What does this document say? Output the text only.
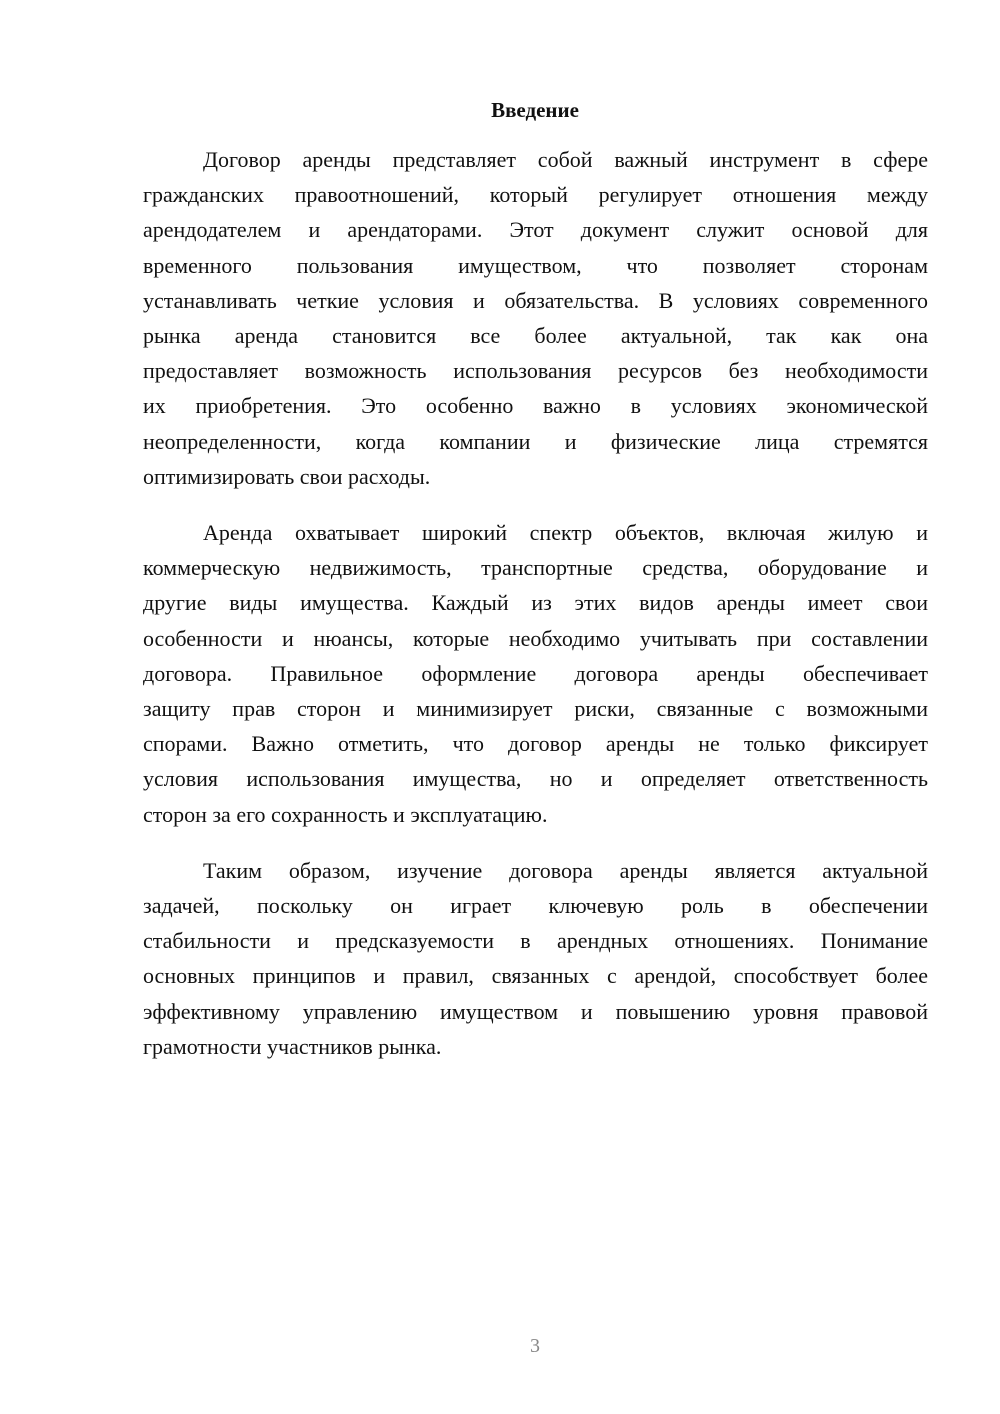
Введение
Договор аренды представляет собой важный инструмент в сфере
гражданских правоотношений, который регулирует отношения между
арендодателем и арендаторами. Этот документ служит основой для
временного пользования имуществом, что позволяет сторонам
устанавливать четкие условия и обязательства. В условиях современного
рынка аренда становится все более актуальной, так как она
предоставляет возможность использования ресурсов без необходимости
их приобретения. Это особенно важно в условиях экономической
неопределенности, когда компании и физические лица стремятся
оптимизировать свои расходы.
Аренда охватывает широкий спектр объектов, включая жилую и
коммерческую недвижимость, транспортные средства, оборудование и
другие виды имущества. Каждый из этих видов аренды имеет свои
особенности и нюансы, которые необходимо учитывать при составлении
договора. Правильное оформление договора аренды обеспечивает
защиту прав сторон и минимизирует риски, связанные с возможными
спорами. Важно отметить, что договор аренды не только фиксирует
условия использования имущества, но и определяет ответственность
сторон за его сохранность и эксплуатацию.
Таким образом, изучение договора аренды является актуальной
задачей, поскольку он играет ключевую роль в обеспечении
стабильности и предсказуемости в арендных отношениях. Понимание
основных принципов и правил, связанных с арендой, способствует более
эффективному управлению имуществом и повышению уровня правовой
грамотности участников рынка.
3
